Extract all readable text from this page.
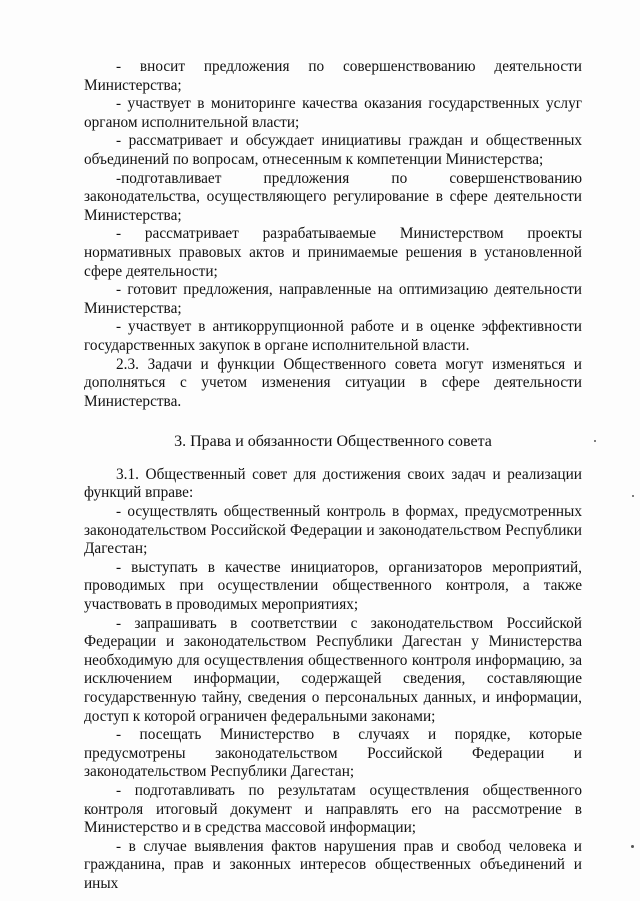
- вносит предложения по совершенствованию деятельности Министерства;

- участвует в мониторинге качества оказания государственных услуг органом исполнительной власти;

- рассматривает и обсуждает инициативы граждан и общественных объединений по вопросам, отнесенным к компетенции Министерства;

-подготавливает предложения по совершенствованию законодательства, осуществляющего регулирование в сфере деятельности Министерства;

- рассматривает разрабатываемые Министерством проекты нормативных правовых актов и принимаемые решения в установленной сфере деятельности;

- готовит предложения, направленные на оптимизацию деятельности Министерства;

- участвует в антикоррупционной работе и в оценке эффективности государственных закупок в органе исполнительной власти.

2.3. Задачи и функции Общественного совета могут изменяться и дополняться с учетом изменения ситуации в сфере деятельности Министерства.

3. Права и обязанности Общественного совета

3.1. Общественный совет для достижения своих задач и реализации функций вправе:

- осуществлять общественный контроль в формах, предусмотренных законодательством Российской Федерации и законодательством Республики Дагестан;

- выступать в качестве инициаторов, организаторов мероприятий, проводимых при осуществлении общественного контроля, а также участвовать в проводимых мероприятиях;

- запрашивать в соответствии с законодательством Российской Федерации и законодательством Республики Дагестан у Министерства необходимую для осуществления общественного контроля информацию, за исключением информации, содержащей сведения, составляющие государственную тайну, сведения о персональных данных, и информации, доступ к которой ограничен федеральными законами;

- посещать Министерство в случаях и порядке, которые предусмотрены законодательством Российской Федерации и законодательством Республики Дагестан;

- подготавливать по результатам осуществления общественного контроля итоговый документ и направлять его на рассмотрение в Министерство и в средства массовой информации;

- в случае выявления фактов нарушения прав и свобод человека и гражданина, прав и законных интересов общественных объединений и иных
